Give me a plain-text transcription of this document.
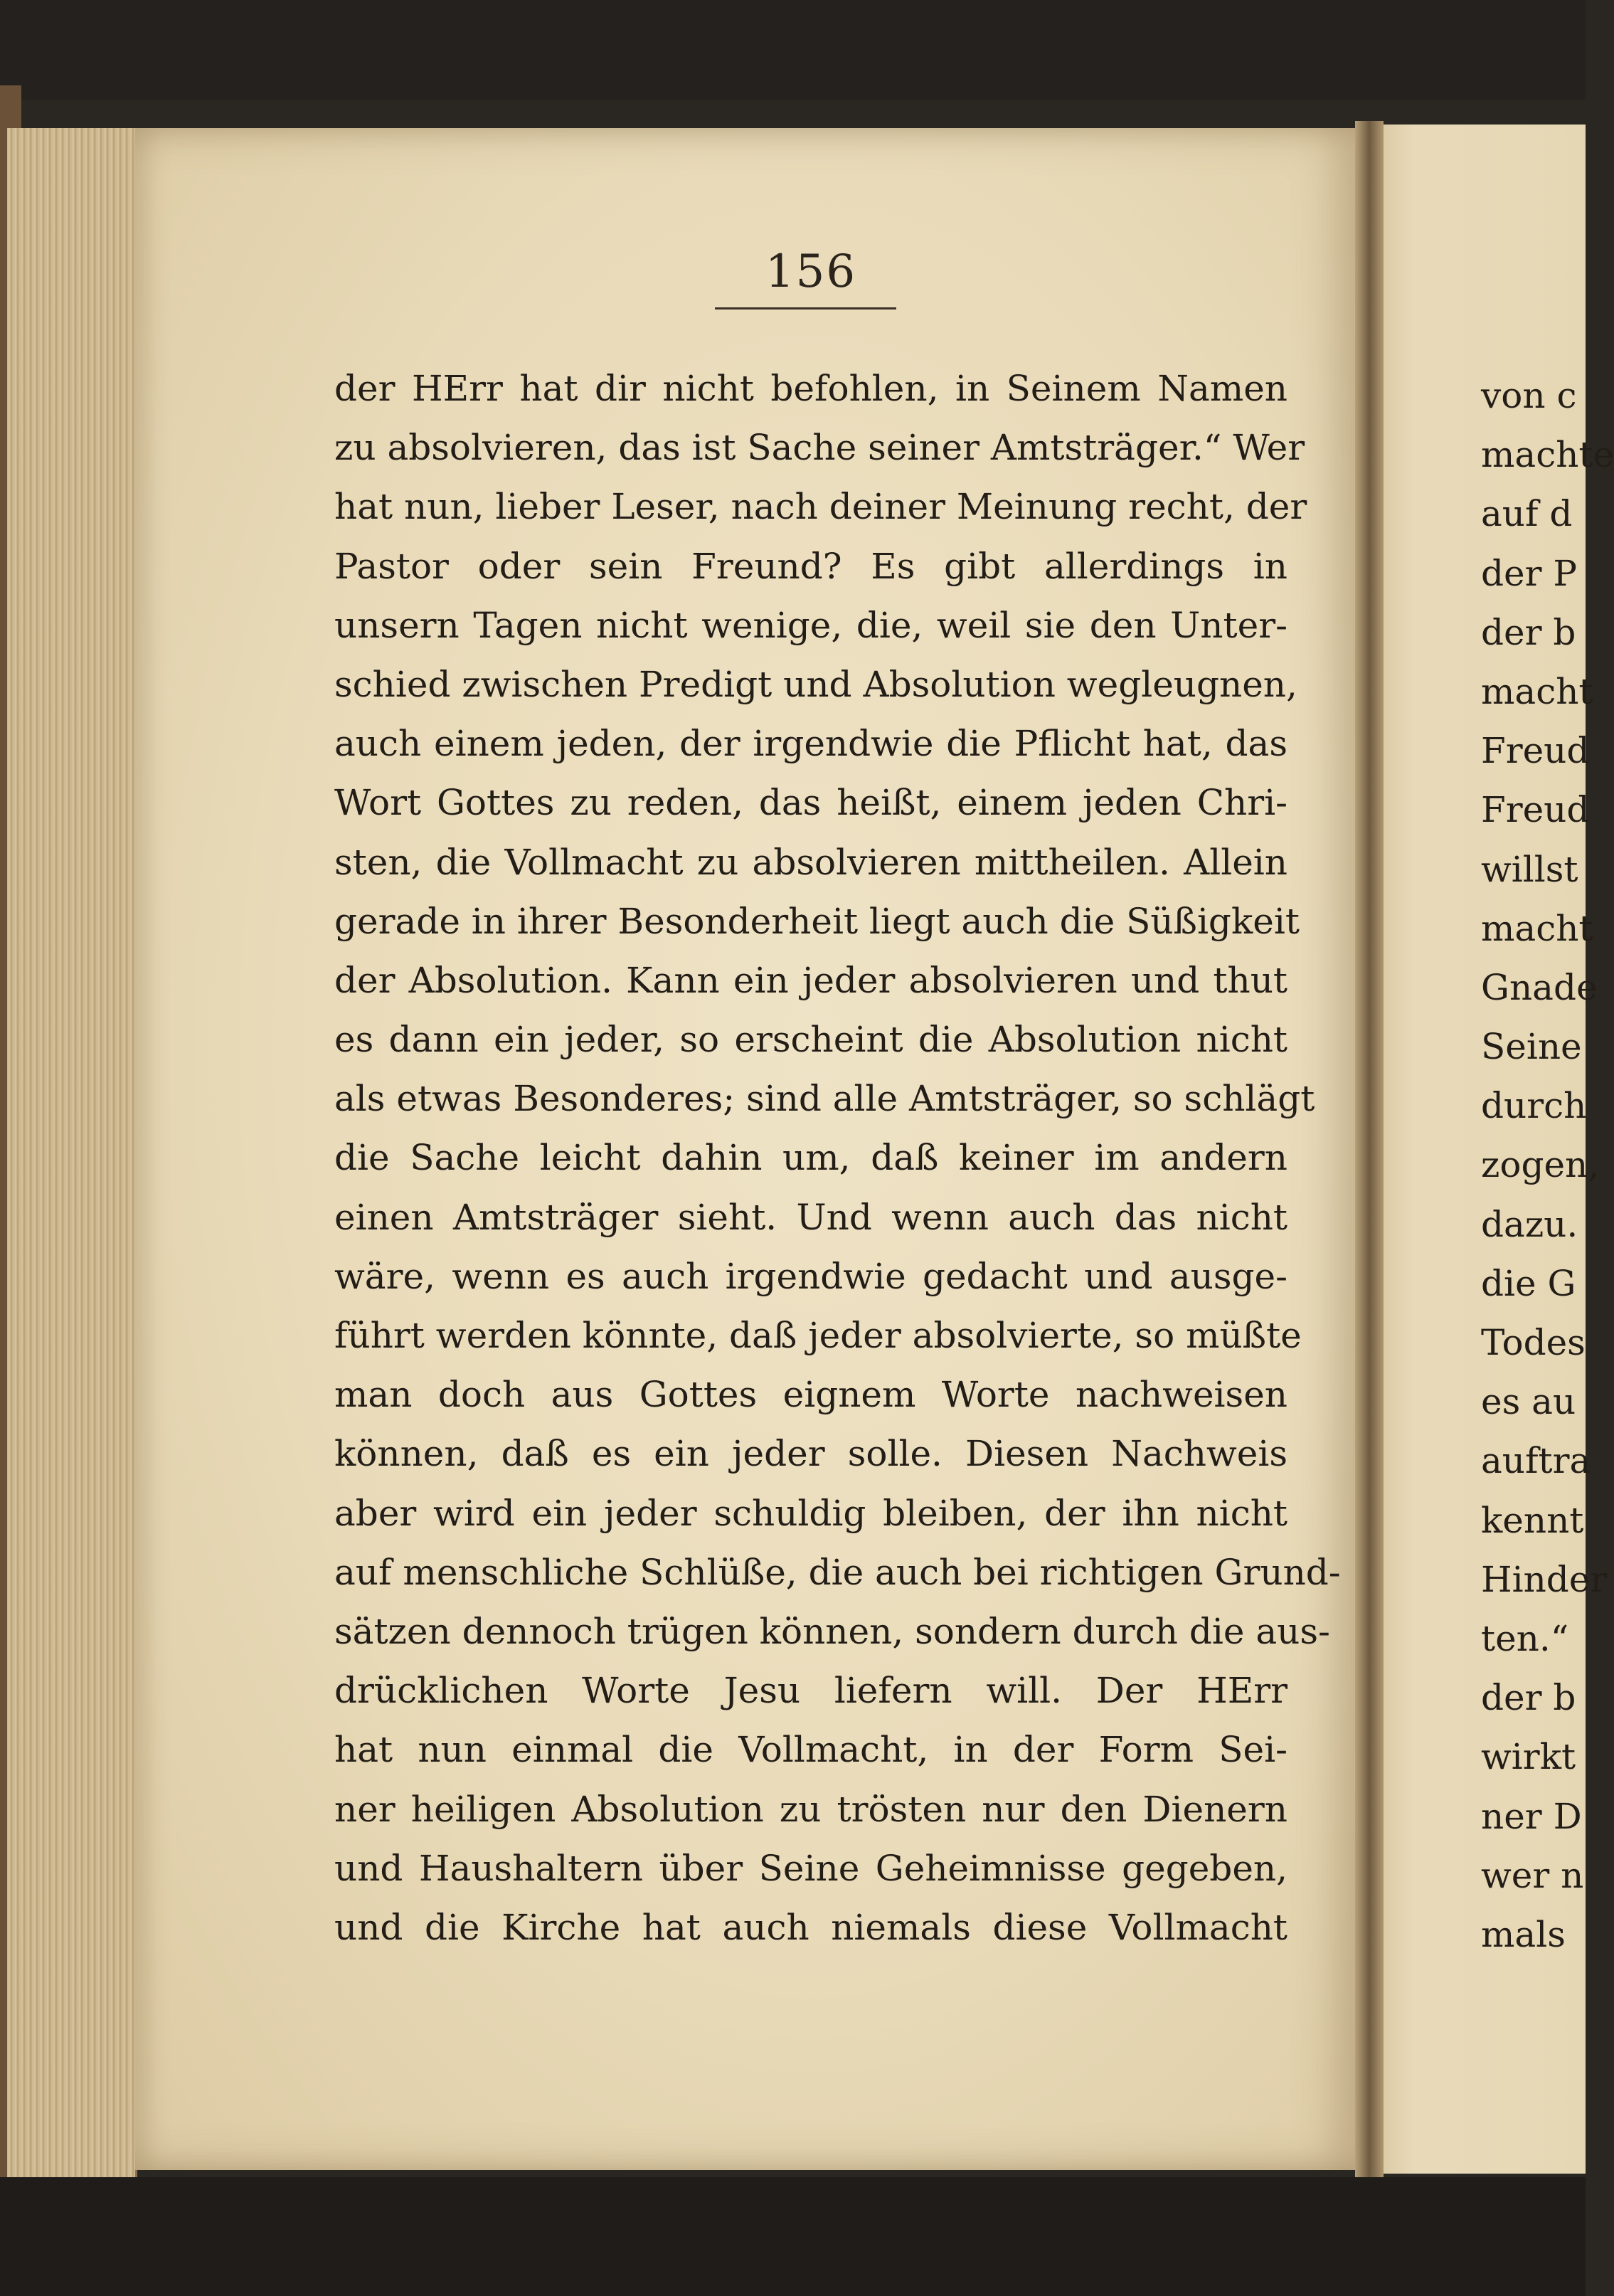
156
der HErr hat dir nicht befohlen, in Seinem Namen
zu absolvieren, das ist Sache seiner Amtsträger.“ Wer
hat nun, lieber Leser, nach deiner Meinung recht, der
Pastor oder sein Freund? Es gibt allerdings in
unsern Tagen nicht wenige, die, weil sie den Unter-
schied zwischen Predigt und Absolution wegleugnen,
auch einem jeden, der irgendwie die Pflicht hat, das
Wort Gottes zu reden, das heißt, einem jeden Chri-
sten, die Vollmacht zu absolvieren mittheilen. Allein
gerade in ihrer Besonderheit liegt auch die Süßigkeit
der Absolution. Kann ein jeder absolvieren und thut
es dann ein jeder, so erscheint die Absolution nicht
als etwas Besonderes; sind alle Amtsträger, so schlägt
die Sache leicht dahin um, daß keiner im andern
einen Amtsträger sieht. Und wenn auch das nicht
wäre, wenn es auch irgendwie gedacht und ausge-
führt werden könnte, daß jeder absolvierte, so müßte
man doch aus Gottes eignem Worte nachweisen
können, daß es ein jeder solle. Diesen Nachweis
aber wird ein jeder schuldig bleiben, der ihn nicht
auf menschliche Schlüße, die auch bei richtigen Grund-
sätzen dennoch trügen können, sondern durch die aus-
drücklichen Worte Jesu liefern will. Der HErr
hat nun einmal die Vollmacht, in der Form Sei-
ner heiligen Absolution zu trösten nur den Dienern
und Haushaltern über Seine Geheimnisse gegeben,
und die Kirche hat auch niemals diese Vollmacht
von c
machte
auf d
der P
der b
macht
Freud
Freud
willst
macht
Gnade
Seine
durch
zogen,
dazu.
die G
Todes
es au
auftra
kennt
Hinder
ten.“
der b
wirkt
ner D
wer n
mals
